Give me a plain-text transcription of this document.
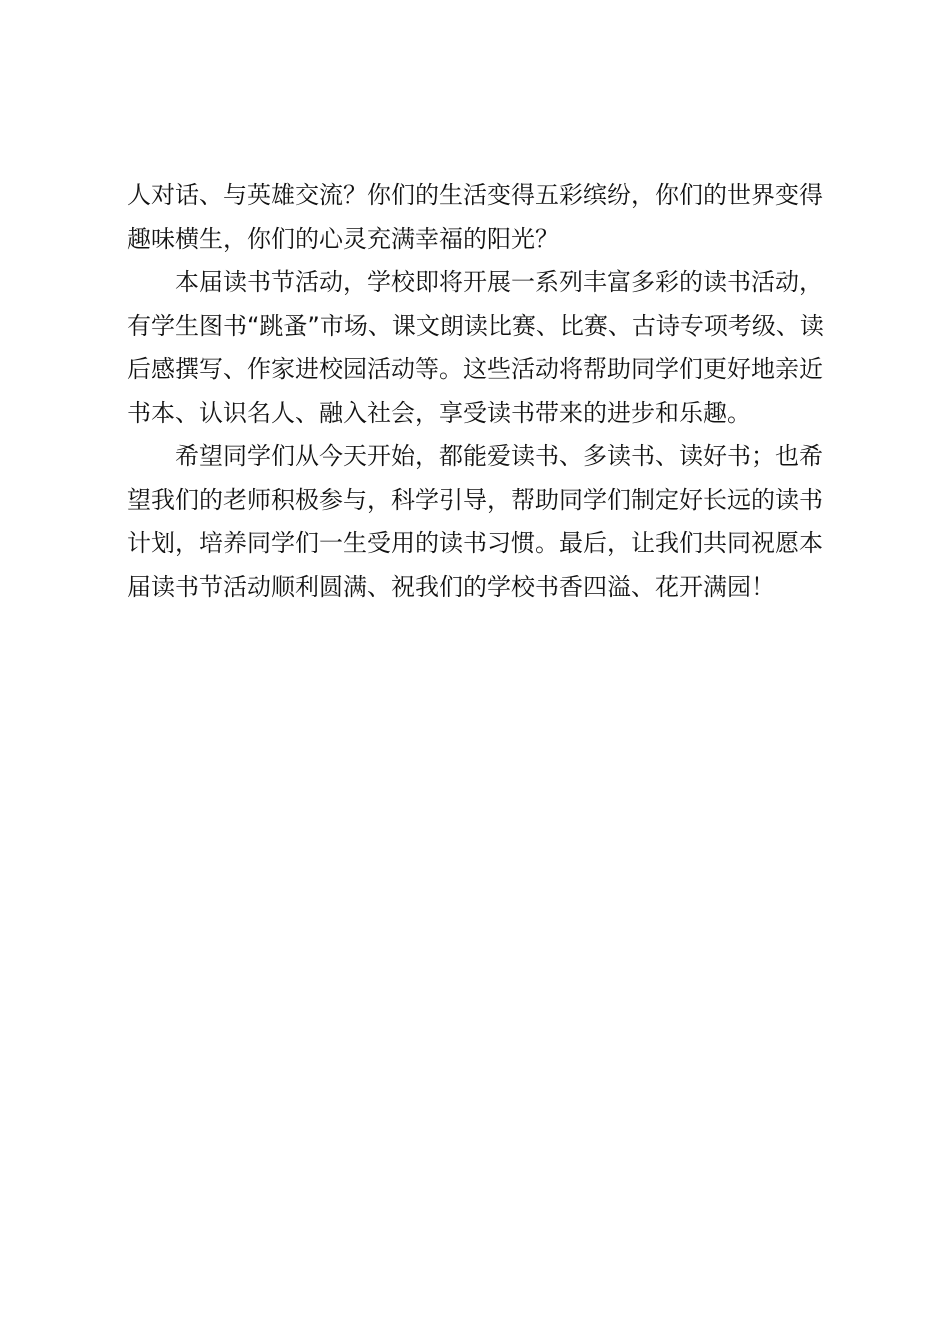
人对话、与英雄交流？你们的生活变得五彩缤纷，你们的世界变得趣味横生，你们的心灵充满幸福的阳光？

本届读书节活动，学校即将开展一系列丰富多彩的读书活动，有学生图书“跳蚤”市场、课文朗读比赛、比赛、古诗专项考级、读后感撰写、作家进校园活动等。这些活动将帮助同学们更好地亲近书本、认识名人、融入社会，享受读书带来的进步和乐趣。

希望同学们从今天开始，都能爱读书、多读书、读好书；也希望我们的老师积极参与，科学引导，帮助同学们制定好长远的读书计划，培养同学们一生受用的读书习惯。最后，让我们共同祝愿本届读书节活动顺利圆满、祝我们的学校书香四溢、花开满园！
